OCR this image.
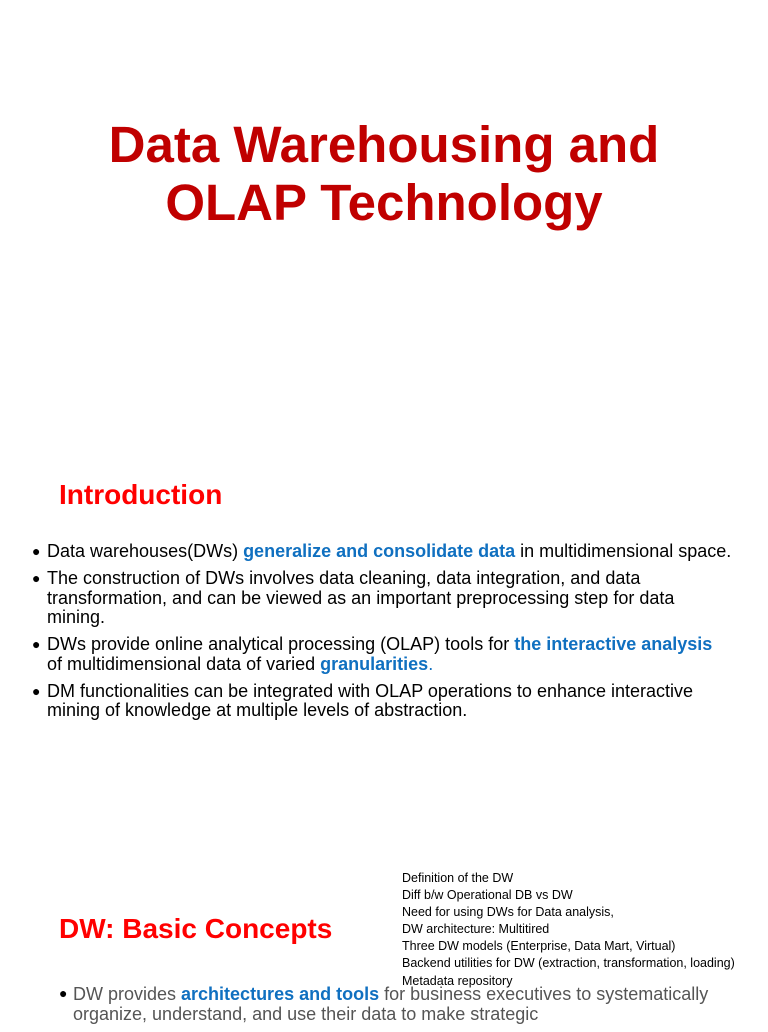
Data Warehousing and
OLAP Technology
Introduction
● Data warehouses(DWs) generalize and consolidate data in multidimensional space.
● The construction of DWs involves data cleaning, data integration, and data transformation, and can be viewed as an important preprocessing step for data mining.
● DWs provide online analytical processing (OLAP) tools for the interactive analysis of multidimensional data of varied granularities.
● DM functionalities can be integrated with OLAP operations to enhance interactive mining of knowledge at multiple levels of abstraction.
Definition of the DW
Diff b/w Operational DB vs DW
Need for using DWs for Data analysis,
DW architecture: Multitired
Three DW models (Enterprise, Data Mart, Virtual)
Backend utilities for DW (extraction, transformation, loading)
Metadata repository
DW: Basic Concepts
● DW provides architectures and tools for business executives to systematically organize, understand, and use their data to make strategic
